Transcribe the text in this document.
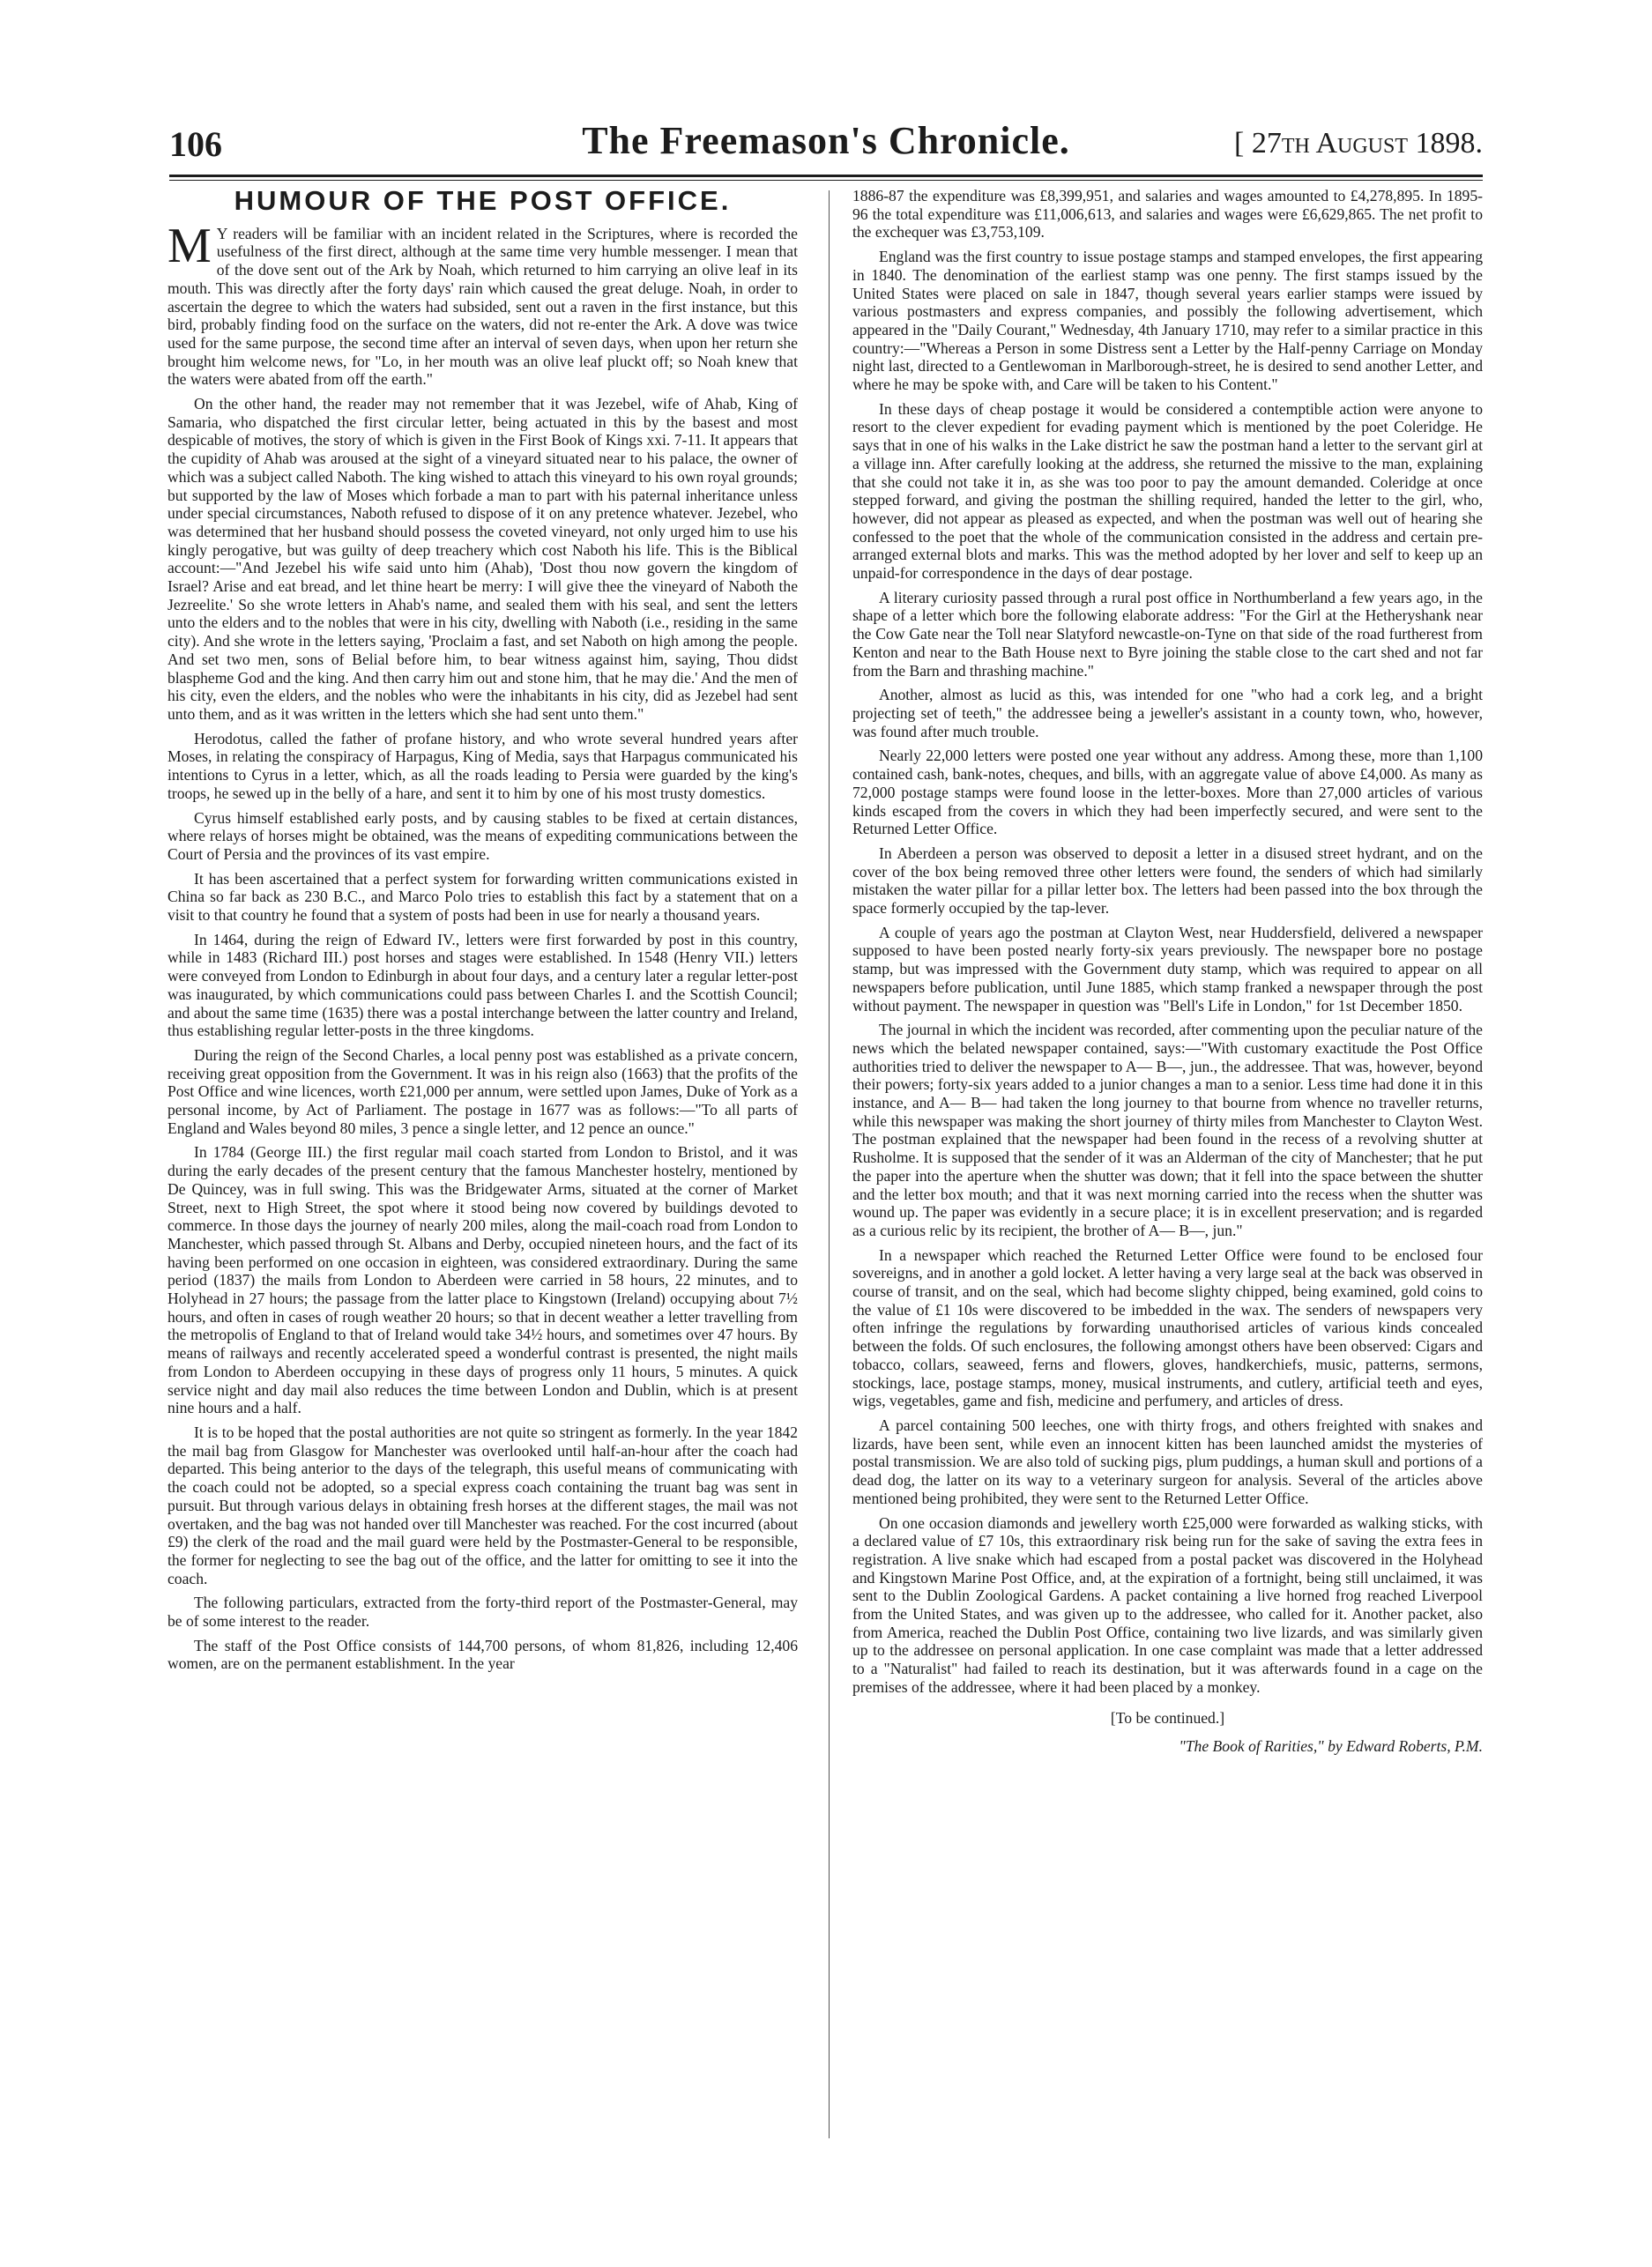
106	The Freemason's Chronicle.	[ 27th August 1898.
HUMOUR OF THE POST OFFICE.

M Y readers will be familiar with an incident related in the Scriptures, where is recorded the usefulness of the first direct, although at the same time very humble messenger. I mean that of the dove sent out of the Ark by Noah, which returned to him carrying an olive leaf in its mouth. This was directly after the forty days' rain which caused the great deluge. Noah, in order to ascertain the degree to which the waters had subsided, sent out a raven in the first instance, but this bird, probably finding food on the surface on the waters, did not re-enter the Ark. A dove was twice used for the same purpose, the second time after an interval of seven days, when upon her return she brought him welcome news, for "Lo, in her mouth was an olive leaf pluckt off; so Noah knew that the waters were abated from off the earth."

On the other hand, the reader may not remember that it was Jezebel, wife of Ahab, King of Samaria, who dispatched the first circular letter, being actuated in this by the basest and most despicable of motives, the story of which is given in the First Book of Kings xxi. 7-11. It appears that the cupidity of Ahab was aroused at the sight of a vineyard situated near to his palace, the owner of which was a subject called Naboth. The king wished to attach this vineyard to his own royal grounds; but supported by the law of Moses which forbade a man to part with his paternal inheritance unless under special circumstances, Naboth refused to dispose of it on any pretence whatever. Jezebel, who was determined that her husband should possess the coveted vineyard, not only urged him to use his kingly perogative, but was guilty of deep treachery which cost Naboth his life. This is the Biblical account:—"And Jezebel his wife said unto him (Ahab), 'Dost thou now govern the kingdom of Israel? Arise and eat bread, and let thine heart be merry: I will give thee the vineyard of Naboth the Jezreelite.' So she wrote letters in Ahab's name, and sealed them with his seal, and sent the letters unto the elders and to the nobles that were in his city, dwelling with Naboth (i.e., residing in the same city). And she wrote in the letters saying, 'Proclaim a fast, and set Naboth on high among the people. And set two men, sons of Belial before him, to bear witness against him, saying, Thou didst blaspheme God and the king. And then carry him out and stone him, that he may die.' And the men of his city, even the elders, and the nobles who were the inhabitants in his city, did as Jezebel had sent unto them, and as it was written in the letters which she had sent unto them."

Herodotus, called the father of profane history, and who wrote several hundred years after Moses, in relating the conspiracy of Harpagus, King of Media, says that Harpagus communicated his intentions to Cyrus in a letter, which, as all the roads leading to Persia were guarded by the king's troops, he sewed up in the belly of a hare, and sent it to him by one of his most trusty domestics.

Cyrus himself established early posts, and by causing stables to be fixed at certain distances, where relays of horses might be obtained, was the means of expediting communications between the Court of Persia and the provinces of its vast empire.

It has been ascertained that a perfect system for forwarding written communications existed in China so far back as 230 B.C., and Marco Polo tries to establish this fact by a statement that on a visit to that country he found that a system of posts had been in use for nearly a thousand years.

In 1464, during the reign of Edward IV., letters were first forwarded by post in this country, while in 1483 (Richard III.) post horses and stages were established. In 1548 (Henry VII.) letters were conveyed from London to Edinburgh in about four days, and a century later a regular letter-post was inaugurated, by which communications could pass between Charles I. and the Scottish Council; and about the same time (1635) there was a postal interchange between the latter country and Ireland, thus establishing regular letter-posts in the three kingdoms.

During the reign of the Second Charles, a local penny post was established as a private concern, receiving great opposition from the Government. It was in his reign also (1663) that the profits of the Post Office and wine licences, worth £21,000 per annum, were settled upon James, Duke of York as a personal income, by Act of Parliament. The postage in 1677 was as follows:—"To all parts of England and Wales beyond 80 miles, 3 pence a single letter, and 12 pence an ounce."

In 1784 (George III.) the first regular mail coach started from London to Bristol, and it was during the early decades of the present century that the famous Manchester hostelry, mentioned by De Quincey, was in full swing. This was the Bridgewater Arms, situated at the corner of Market Street, next to High Street, the spot where it stood being now covered by buildings devoted to commerce. In those days the journey of nearly 200 miles, along the mail-coach road from London to Manchester, which passed through St. Albans and Derby, occupied nineteen hours, and the fact of its having been performed on one occasion in eighteen, was considered extraordinary. During the same period (1837) the mails from London to Aberdeen were carried in 58 hours, 22 minutes, and to Holyhead in 27 hours; the passage from the latter place to Kingstown (Ireland) occupying about 7½ hours, and often in cases of rough weather 20 hours; so that in decent weather a letter travelling from the metropolis of England to that of Ireland would take 34½ hours, and sometimes over 47 hours. By means of railways and recently accelerated speed a wonderful contrast is presented, the night mails from London to Aberdeen occupying in these days of progress only 11 hours, 5 minutes. A quick service night and day mail also reduces the time between London and Dublin, which is at present nine hours and a half.

It is to be hoped that the postal authorities are not quite so stringent as formerly. In the year 1842 the mail bag from Glasgow for Manchester was overlooked until half-an-hour after the coach had departed. This being anterior to the days of the telegraph, this useful means of communicating with the coach could not be adopted, so a special express coach containing the truant bag was sent in pursuit. But through various delays in obtaining fresh horses at the different stages, the mail was not overtaken, and the bag was not handed over till Manchester was reached. For the cost incurred (about £9) the clerk of the road and the mail guard were held by the Postmaster-General to be responsible, the former for neglecting to see the bag out of the office, and the latter for omitting to see it into the coach.

The following particulars, extracted from the forty-third report of the Postmaster-General, may be of some interest to the reader.

The staff of the Post Office consists of 144,700 persons, of whom 81,826, including 12,406 women, are on the permanent establishment. In the year

1886-87 the expenditure was £8,399,951, and salaries and wages amounted to £4,278,895. In 1895-96 the total expenditure was £11,006,613, and salaries and wages were £6,629,865. The net profit to the exchequer was £3,753,109.

England was the first country to issue postage stamps and stamped envelopes, the first appearing in 1840. The denomination of the earliest stamp was one penny. The first stamps issued by the United States were placed on sale in 1847, though several years earlier stamps were issued by various postmasters and express companies, and possibly the following advertisement, which appeared in the "Daily Courant," Wednesday, 4th January 1710, may refer to a similar practice in this country:—"Whereas a Person in some Distress sent a Letter by the Half-penny Carriage on Monday night last, directed to a Gentlewoman in Marlborough-street, he is desired to send another Letter, and where he may be spoke with, and Care will be taken to his Content."

In these days of cheap postage it would be considered a contemptible action were anyone to resort to the clever expedient for evading payment which is mentioned by the poet Coleridge. He says that in one of his walks in the Lake district he saw the postman hand a letter to the servant girl at a village inn. After carefully looking at the address, she returned the missive to the man, explaining that she could not take it in, as she was too poor to pay the amount demanded. Coleridge at once stepped forward, and giving the postman the shilling required, handed the letter to the girl, who, however, did not appear as pleased as expected, and when the postman was well out of hearing she confessed to the poet that the whole of the communication consisted in the address and certain pre-arranged external blots and marks. This was the method adopted by her lover and self to keep up an unpaid-for correspondence in the days of dear postage.

A literary curiosity passed through a rural post office in Northumberland a few years ago, in the shape of a letter which bore the following elaborate address: "For the Girl at the Hetheryshank near the Cow Gate near the Toll near Slatyford newcastle-on-Tyne on that side of the road furtherest from Kenton and near to the Bath House next to Byre joining the stable close to the cart shed and not far from the Barn and thrashing machine."

Another, almost as lucid as this, was intended for one "who had a cork leg, and a bright projecting set of teeth," the addressee being a jeweller's assistant in a county town, who, however, was found after much trouble.

Nearly 22,000 letters were posted one year without any address. Among these, more than 1,100 contained cash, bank-notes, cheques, and bills, with an aggregate value of above £4,000. As many as 72,000 postage stamps were found loose in the letter-boxes. More than 27,000 articles of various kinds escaped from the covers in which they had been imperfectly secured, and were sent to the Returned Letter Office.

In Aberdeen a person was observed to deposit a letter in a disused street hydrant, and on the cover of the box being removed three other letters were found, the senders of which had similarly mistaken the water pillar for a pillar letter box. The letters had been passed into the box through the space formerly occupied by the tap-lever.

A couple of years ago the postman at Clayton West, near Huddersfield, delivered a newspaper supposed to have been posted nearly forty-six years previously. The newspaper bore no postage stamp, but was impressed with the Government duty stamp, which was required to appear on all newspapers before publication, until June 1885, which stamp franked a newspaper through the post without payment. The newspaper in question was "Bell's Life in London," for 1st December 1850.

The journal in which the incident was recorded, after commenting upon the peculiar nature of the news which the belated newspaper contained, says:—"With customary exactitude the Post Office authorities tried to deliver the newspaper to A— B—, jun., the addressee. That was, however, beyond their powers; forty-six years added to a junior changes a man to a senior. Less time had done it in this instance, and A— B— had taken the long journey to that bourne from whence no traveller returns, while this newspaper was making the short journey of thirty miles from Manchester to Clayton West. The postman explained that the newspaper had been found in the recess of a revolving shutter at Rusholme. It is supposed that the sender of it was an Alderman of the city of Manchester; that he put the paper into the aperture when the shutter was down; that it fell into the space between the shutter and the letter box mouth; and that it was next morning carried into the recess when the shutter was wound up. The paper was evidently in a secure place; it is in excellent preservation; and is regarded as a curious relic by its recipient, the brother of A— B—, jun."

In a newspaper which reached the Returned Letter Office were found to be enclosed four sovereigns, and in another a gold locket. A letter having a very large seal at the back was observed in course of transit, and on the seal, which had become slighty chipped, being examined, gold coins to the value of £1 10s were discovered to be imbedded in the wax. The senders of newspapers very often infringe the regulations by forwarding unauthorised articles of various kinds concealed between the folds. Of such enclosures, the following amongst others have been observed: Cigars and tobacco, collars, seaweed, ferns and flowers, gloves, handkerchiefs, music, patterns, sermons, stockings, lace, postage stamps, money, musical instruments, and cutlery, artificial teeth and eyes, wigs, vegetables, game and fish, medicine and perfumery, and articles of dress.

A parcel containing 500 leeches, one with thirty frogs, and others freighted with snakes and lizards, have been sent, while even an innocent kitten has been launched amidst the mysteries of postal transmission. We are also told of sucking pigs, plum puddings, a human skull and portions of a dead dog, the latter on its way to a veterinary surgeon for analysis. Several of the articles above mentioned being prohibited, they were sent to the Returned Letter Office.

On one occasion diamonds and jewellery worth £25,000 were forwarded as walking sticks, with a declared value of £7 10s, this extraordinary risk being run for the sake of saving the extra fees in registration. A live snake which had escaped from a postal packet was discovered in the Holyhead and Kingstown Marine Post Office, and, at the expiration of a fortnight, being still unclaimed, it was sent to the Dublin Zoological Gardens. A packet containing a live horned frog reached Liverpool from the United States, and was given up to the addressee, who called for it. Another packet, also from America, reached the Dublin Post Office, containing two live lizards, and was similarly given up to the addressee on personal application. In one case complaint was made that a letter addressed to a "Naturalist" had failed to reach its destination, but it was afterwards found in a cage on the premises of the addressee, where it had been placed by a monkey.

[To be continued.]

"The Book of Rarities," by Edward Roberts, P.M.
